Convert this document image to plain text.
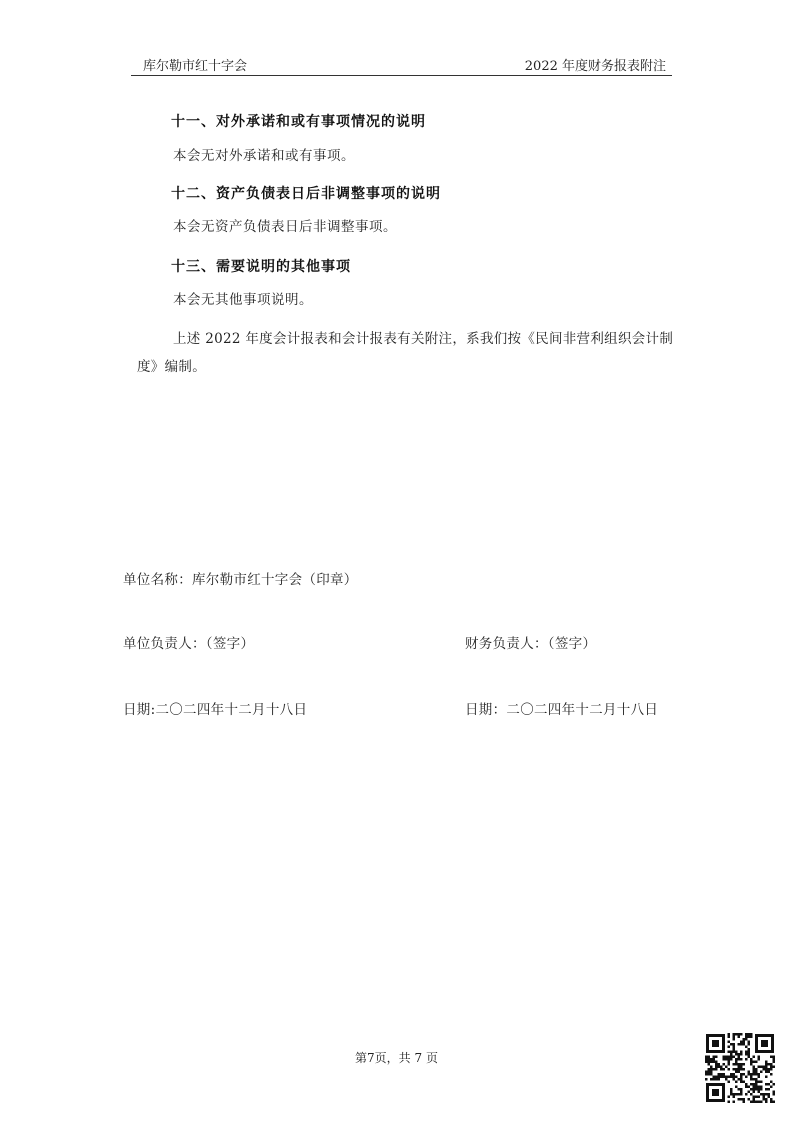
库尔勒市红十字会	2022 年度财务报表附注
十一、对外承诺和或有事项情况的说明
本会无对外承诺和或有事项。
十二、资产负债表日后非调整事项的说明
本会无资产负债表日后非调整事项。
十三、需要说明的其他事项
本会无其他事项说明。
上述 2022 年度会计报表和会计报表有关附注，系我们按《民间非营利组织会计制度》编制。
单位名称：库尔勒市红十字会（印章）
单位负责人：（签字）	财务负责人：（签字）
日期:二〇二四年十二月十八日	日期：二〇二四年十二月十八日
第7页，共 7 页
